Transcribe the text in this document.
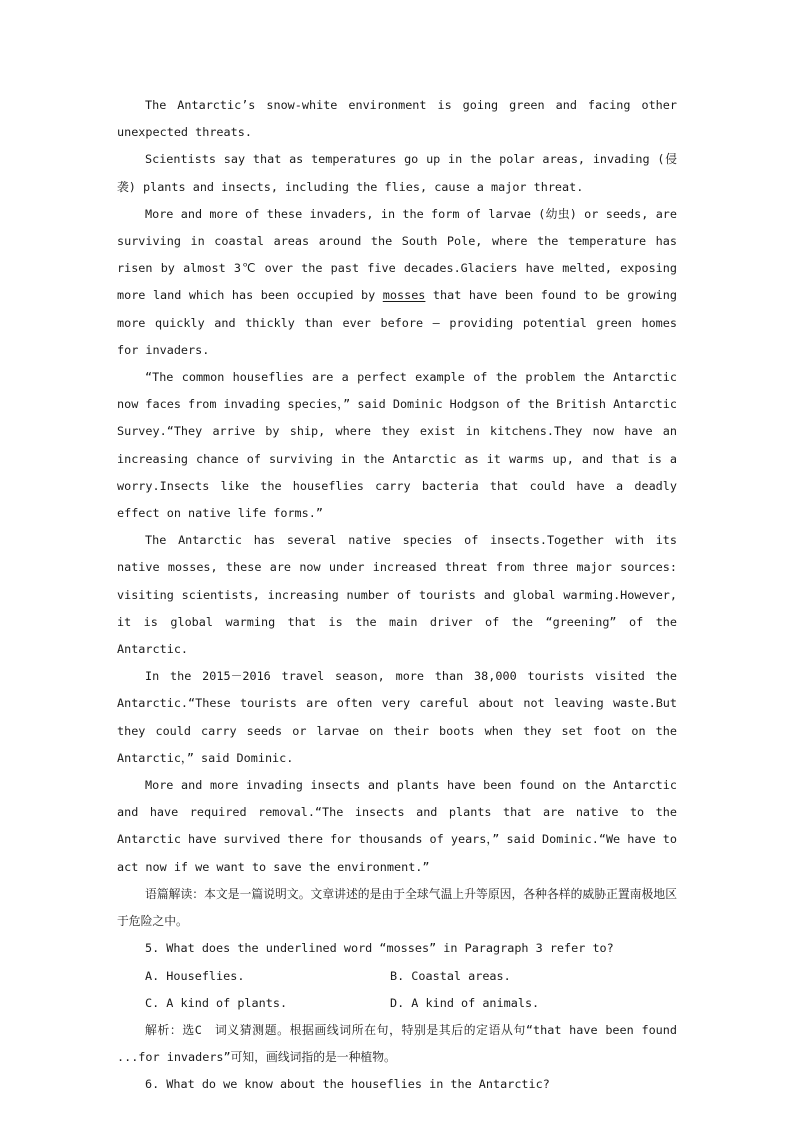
The Antarctic’s snow-white environment is going green and facing other unexpected threats.

Scientists say that as temperatures go up in the polar areas, invading (侵袭) plants and insects, including the flies, cause a major threat.

More and more of these invaders, in the form of larvae (幼虫) or seeds, are surviving in coastal areas around the South Pole, where the temperature has risen by almost 3℃ over the past five decades.Glaciers have melted, exposing more land which has been occupied by mosses that have been found to be growing more quickly and thickly than ever before — providing potential green homes for invaders.

“The common houseflies are a perfect example of the problem the Antarctic now faces from invading species，” said Dominic Hodgson of the British Antarctic Survey.“They arrive by ship, where they exist in kitchens.They now have an increasing chance of surviving in the Antarctic as it warms up, and that is a worry.Insects like the houseflies carry bacteria that could have a deadly effect on native life forms.”

The Antarctic has several native species of insects.Together with its native mosses, these are now under increased threat from three major sources: visiting scientists, increasing number of tourists and global warming.However, it is global warming that is the main driver of the “greening” of the Antarctic.

In the 2015－2016 travel season, more than 38,000 tourists visited the Antarctic.“These tourists are often very careful about not leaving waste.But they could carry seeds or larvae on their boots when they set foot on the Antarctic，” said Dominic.

More and more invading insects and plants have been found on the Antarctic and have required removal.“The insects and plants that are native to the Antarctic have survived there for thousands of years，” said Dominic.“We have to act now if we want to save the environment.”

语篇解读：本文是一篇说明文。文章讲述的是由于全球气温上升等原因，各种各样的威胁正置南极地区于危险之中。

5. What does the underlined word “mosses” in Paragraph 3 refer to?

A. Houseflies.	B. Coastal areas.
C. A kind of plants.	D. A kind of animals.

解析：选C　词义猜测题。根据画线词所在句，特别是其后的定语从句“that have been found ...for invaders”可知，画线词指的是一种植物。

6. What do we know about the houseflies in the Antarctic?
